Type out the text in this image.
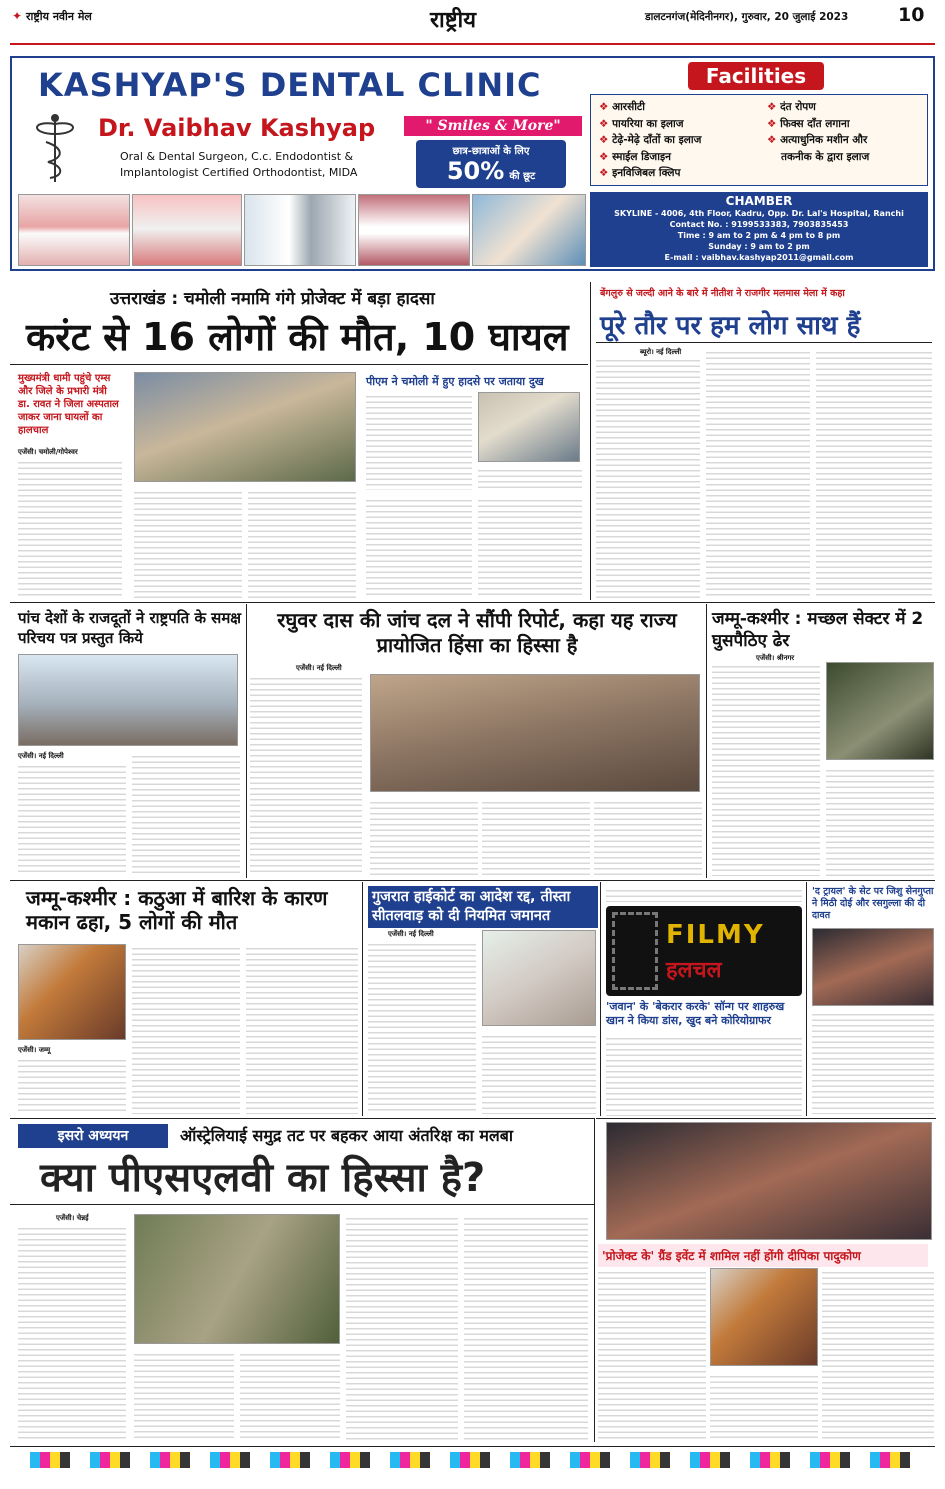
✦ राष्ट्रीय नवीन मेल	राष्ट्रीय	डालटनगंज(मेदिनीनगर), गुरुवार, 20 जुलाई 2023	10
KASHYAP'S DENTAL CLINIC
Dr. Vaibhav Kashyap
Oral & Dental Surgeon, C.c. Endodontist &
Implantologist Certified Orthodontist, MIDA
" Smiles & More"
छात्र-छात्राओं के लिए
50% की छूट
Facilities
❖ आरसीटी
❖ पायरिया का इलाज
❖ टेढ़े-मेढ़े दाँतों का इलाज
❖ स्माईल डिजाइन
❖ इनविजिबल क्लिप
❖ दंत रोपण
❖ फिक्स दाँत लगाना
❖ अत्याधुनिक मशीन और
तकनीक के द्वारा इलाज
CHAMBER
SKYLINE - 4006, 4th Floor, Kadru, Opp. Dr. Lal's Hospital, Ranchi
Contact No. : 9199533383, 7903835453
Time : 9 am to 2 pm & 4 pm to 8 pm
Sunday : 9 am to 2 pm
E-mail : vaibhav.kashyap2011@gmail.com
उत्तराखंड : चमोली नमामि गंगे प्रोजेक्ट में बड़ा हादसा
करंट से 16 लोगों की मौत, 10 घायल
मुख्यमंत्री धामी पहुंचे एम्स और जिले के प्रभारी मंत्री डा. रावत ने जिला अस्पताल जाकर जाना घायलों का हालचाल
एजेंसी। चमोली/गोपेश्वर
पीएम ने चमोली में हुए हादसे पर जताया दुख
बेंगलुरु से जल्दी आने के बारे में नीतीश ने राजगीर मलमास मेला में कहा
पूरे तौर पर हम लोग साथ हैं
ब्यूरो। नई दिल्ली
पांच देशों के राजदूतों ने राष्ट्रपति के समक्ष परिचय पत्र प्रस्तुत किये
एजेंसी। नई दिल्ली
रघुवर दास की जांच दल ने सौंपी रिपोर्ट, कहा यह राज्य प्रायोजित हिंसा का हिस्सा है
एजेंसी। नई दिल्ली
जम्मू-कश्मीर : मच्छल सेक्टर में 2 घुसपैठिए ढेर
एजेंसी। श्रीनगर
जम्मू-कश्मीर : कठुआ में बारिश के कारण मकान ढहा, 5 लोगों की मौत
एजेंसी। जम्मू
गुजरात हाईकोर्ट का आदेश रद्द, तीस्ता सीतलवाड़ को दी नियमित जमानत
एजेंसी। नई दिल्ली	FILMY
हलचल
'द ट्रायल' के सेट पर जिशु सेनगुप्ता ने मिठी दोई और रसगुल्ला की दी दावत
'जवान' के 'बेकरार करके' सॉन्ग पर शाहरुख खान ने किया डांस, खुद बने कोरियोग्राफर
'प्रोजेक्ट के' ग्रैंड इवेंट में शामिल नहीं होंगी दीपिका पादुकोण
इसरो अध्ययन	ऑस्ट्रेलियाई समुद्र तट पर बहकर आया अंतरिक्ष का मलबा
क्या पीएसएलवी का हिस्सा है?
एजेंसी। चेन्नई
